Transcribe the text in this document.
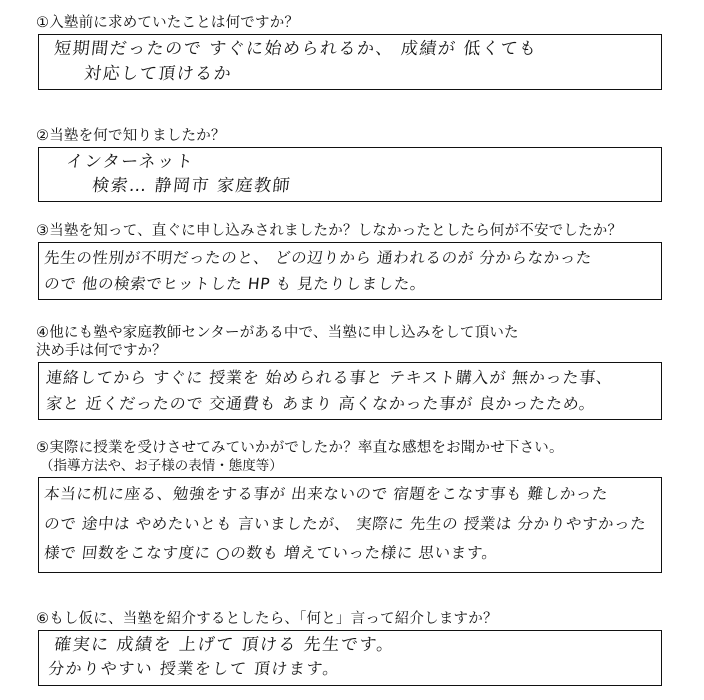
①入塾前に求めていたことは何ですか？
短期間だったので すぐに始められるか、 成績が 低くても
対応して頂けるか
②当塾を何で知りましたか？
インターネット
検索… 静岡市 家庭教師
③当塾を知って、直ぐに申し込みされましたか？しなかったとしたら何が不安でしたか？
先生の性別が不明だったのと、 どの辺りから 通われるのが 分からなかった
ので 他の検索でヒットした HP も 見たりしました。
④他にも塾や家庭教師センターがある中で、当塾に申し込みをして頂いた
決め手は何ですか？
連絡してから すぐに 授業を 始められる事と テキスト購入が 無かった事、
家と 近くだったので 交通費も あまり 高くなかった事が 良かったため。
⑤実際に授業を受けさせてみていかがでしたか？率直な感想をお聞かせ下さい。
（指導方法や、お子様の表情・態度等）
本当に机に座る、勉強をする事が 出来ないので 宿題をこなす事も 難しかった
ので 途中は やめたいとも 言いましたが、 実際に 先生の 授業は 分かりやすかった
様で 回数をこなす度に ○の数も 増えていった様に 思います。
⑥もし仮に、当塾を紹介するとしたら、「何と」言って紹介しますか？
確実に 成績を 上げて 頂ける 先生です。
分かりやすい 授業をして 頂けます。
